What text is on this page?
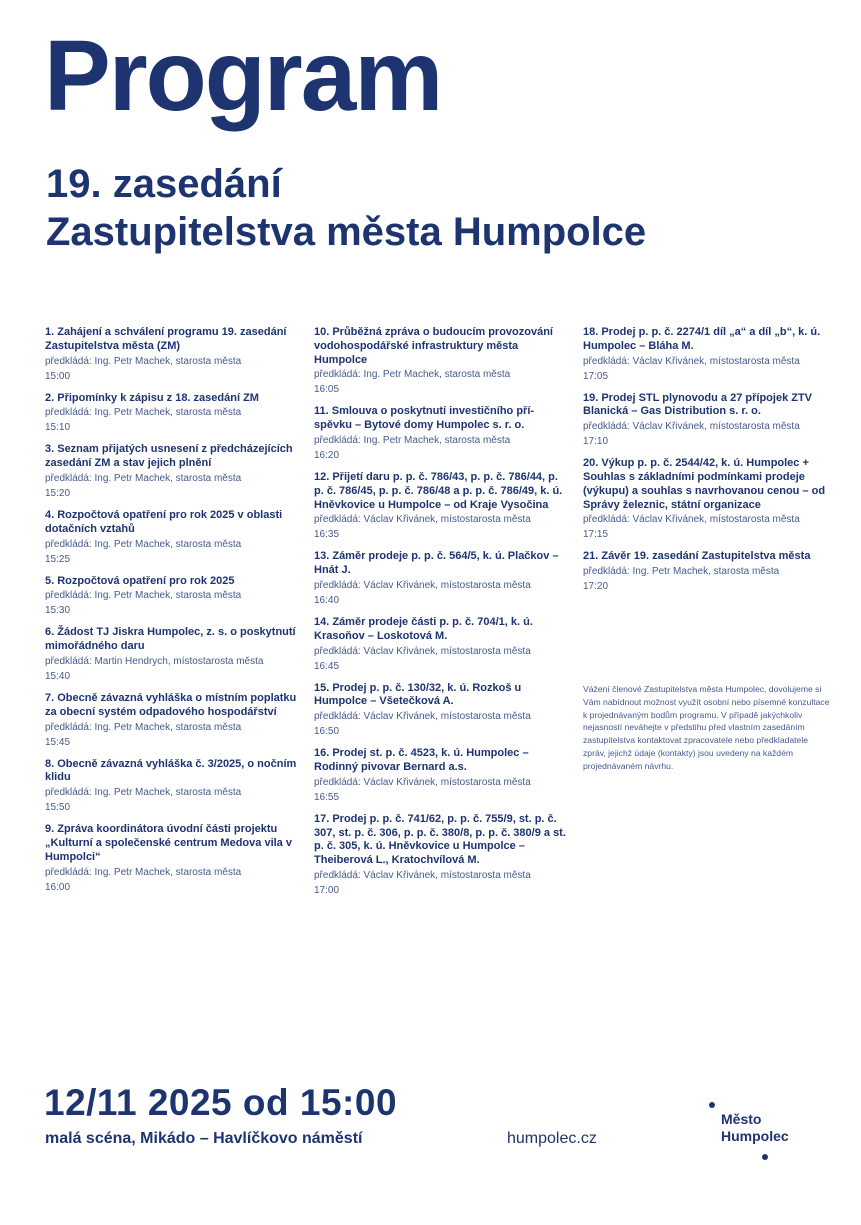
Program
19. zasedání
Zastupitelstva města Humpolce

1. Zahájení a schválení programu 19. zasedání Zastupitelstva města (ZM)

předkládá: Ing. Petr Machek, starosta města

15:00

2. Připomínky k zápisu z 18. zasedání ZM

předkládá: Ing. Petr Machek, starosta města

15:10

3. Seznam přijatých usnesení z předcházejících zasedání ZM a stav jejich plnění

předkládá: Ing. Petr Machek, starosta města

15:20

4. Rozpočtová opatření pro rok 2025 v oblasti dotačních vztahů

předkládá: Ing. Petr Machek, starosta města

15:25

5. Rozpočtová opatření pro rok 2025

předkládá: Ing. Petr Machek, starosta města

15:30

6. Žádost TJ Jiskra Humpolec, z. s. o poskytnutí mimořádného daru

předkládá: Martin Hendrych, místostarosta města

15:40

7. Obecně závazná vyhláška o místním poplatku za obecní systém odpadového hospodářství

předkládá: Ing. Petr Machek, starosta města

15:45

8. Obecně závazná vyhláška č. 3/2025, o nočním klidu

předkládá: Ing. Petr Machek, starosta města

15:50

9. Zpráva koordinátora úvodní části projektu „Kulturní a společenské centrum Medova vila v Humpolci“

předkládá: Ing. Petr Machek, starosta města

16:00

10. Průběžná zpráva o budoucím provozování vodohospodářské infrastruktury města Humpolce

předkládá: Ing. Petr Machek, starosta města

16:05

11. Smlouva o poskytnutí investičního příspěvku – Bytové domy Humpolec s. r. o.

předkládá: Ing. Petr Machek, starosta města

16:20

12. Přijetí daru p. p. č. 786/43, p. p. č. 786/44, p. p. č. 786/45, p. p. č. 786/48 a p. p. č. 786/49, k. ú. Hněvkovice u Humpolce – od Kraje Vysočina

předkládá: Václav Křivánek, místostarosta města

16:35

13. Záměr prodeje p. p. č. 564/5, k. ú. Plačkov – Hnát J.

předkládá: Václav Křivánek, místostarosta města

16:40

14. Záměr prodeje části p. p. č. 704/1, k. ú. Krasoňov – Loskotová M.

předkládá: Václav Křivánek, místostarosta města

16:45

15. Prodej p. p. č. 130/32, k. ú. Rozkoš u Humpolce – Všetečková A.

předkládá: Václav Křivánek, místostarosta města

16:50

16. Prodej st. p. č. 4523, k. ú. Humpolec – Rodinný pivovar Bernard a.s.

předkládá: Václav Křivánek, místostarosta města

16:55

17. Prodej p. p. č. 741/62, p. p. č. 755/9, st. p. č. 307, st. p. č. 306, p. p. č. 380/8, p. p. č. 380/9 a st. p. č. 305, k. ú. Hněvkovice u Humpolce – Theiberová L., Kratochvílová M.

předkládá: Václav Křivánek, místostarosta města

17:00

18. Prodej p. p. č. 2274/1 díl „a“ a díl „b“, k. ú. Humpolec – Bláha M.

předkládá: Václav Křivánek, místostarosta města

17:05

19. Prodej STL plynovodu a 27 přípojek ZTV Blanická – Gas Distribution s. r. o.

předkládá: Václav Křivánek, místostarosta města

17:10

20. Výkup p. p. č. 2544/42, k. ú. Humpolec + Souhlas s základními podmínkami prodeje (výkupu) a souhlas s navrhovanou cenou – od Správy železnic, státní organizace

předkládá: Václav Křivánek, místostarosta města

17:15

21. Závěr 19. zasedání Zastupitelstva města

předkládá: Ing. Petr Machek, starosta města

17:20

Vážení členové Zastupitelstva města Humpolec, dovolujeme si Vám nabídnout možnost využít osobní nebo písemné konzultace k projednávaným bodům programu. V případě jakýchkoliv nejasností neváhejte v předstihu před vlastním zasedáním zastupitelstva kontaktovat zpracovatele nebo předkladatele zpráv, jejichž údaje (kontakty) jsou uvedeny na každém projednávaném návrhu.

12/11 2025 od 15:00
malá scéna, Mikádo – Havlíčkovo náměstí	humpolec.cz
Město
Humpolec
